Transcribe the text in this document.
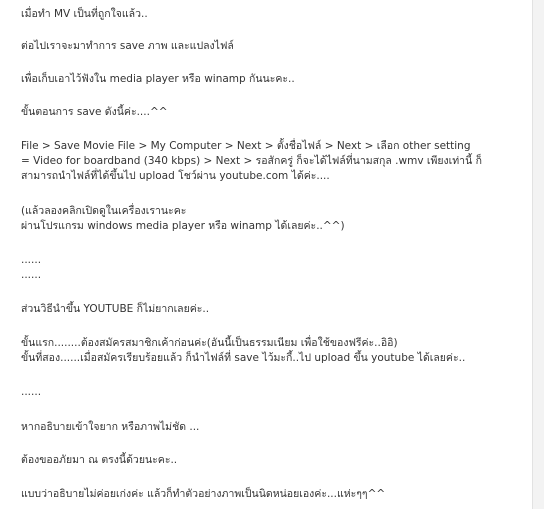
เมื่อทำ MV เป็นที่ถูกใจแล้ว..
ต่อไปเราจะมาทำการ save ภาพ และแปลงไฟล์
เพื่อเก็บเอาไว้ฟังใน media player หรือ winamp กันนะคะ..
ขั้นตอนการ save ดังนี้ค่ะ....^^
File > Save Movie File > My Computer > Next > ตั้งชื่อไฟล์ > Next > เลือก other setting
= Video for boardband (340 kbps) > Next > รอสักครู่ ก็จะได้ไฟล์ที่นามสกุล .wmv เพียงเท่านี้ ก็
สามารถนำไฟล์ที่ได้ขึ้นไป upload โชว์ผ่าน youtube.com ได้ค่ะ....
(แล้วลองคลิกเปิดดูในเครื่องเรานะคะ
ผ่านโปรแกรม windows media player หรือ winamp ได้เลยค่ะ..^^)
......
......
ส่วนวิธีนำขึ้น YOUTUBE ก็ไม่ยากเลยค่ะ..
ขั้นแรก........ต้องสมัครสมาชิกเค้าก่อนค่ะ(อันนี้เป็นธรรมเนียม เพื่อใช้ของฟรีค่ะ..อิอิ)
ขั้นที่สอง......เมื่อสมัครเรียบร้อยแล้ว ก็นำไฟล์ที่ save ไว้มะกี้..ไป upload ขึ้น youtube ได้เลยค่ะ..
......
หากอธิบายเข้าใจยาก หรือภาพไม่ชัด ...
ต้องขออภัยมา ณ ตรงนี้ด้วยนะคะ..
แบบว่าอธิบายไม่ค่อยเก่งค่ะ แล้วก็ทำตัวอย่างภาพเป็นนิดหน่อยเองค่ะ...แห่ะๆๆ^^
